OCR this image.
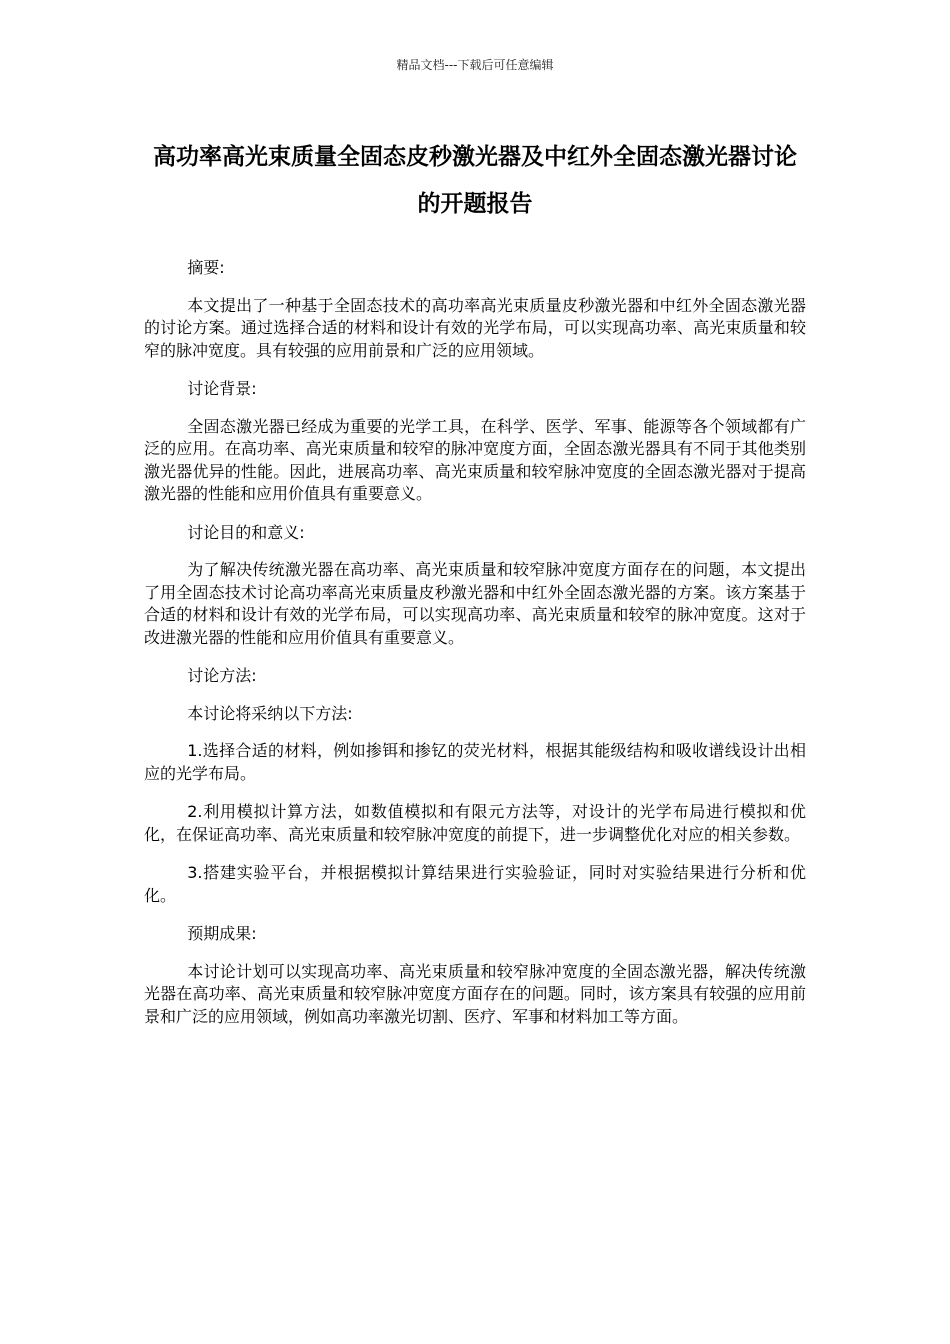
精品文档---下载后可任意编辑
高功率高光束质量全固态皮秒激光器及中红外全固态激光器讨论的开题报告

摘要:

本文提出了一种基于全固态技术的高功率高光束质量皮秒激光器和中红外全固态激光器的讨论方案。通过选择合适的材料和设计有效的光学布局，可以实现高功率、高光束质量和较窄的脉冲宽度。具有较强的应用前景和广泛的应用领域。

讨论背景:

全固态激光器已经成为重要的光学工具，在科学、医学、军事、能源等各个领域都有广泛的应用。在高功率、高光束质量和较窄的脉冲宽度方面，全固态激光器具有不同于其他类别激光器优异的性能。因此，进展高功率、高光束质量和较窄脉冲宽度的全固态激光器对于提高激光器的性能和应用价值具有重要意义。

讨论目的和意义:

为了解决传统激光器在高功率、高光束质量和较窄脉冲宽度方面存在的问题，本文提出了用全固态技术讨论高功率高光束质量皮秒激光器和中红外全固态激光器的方案。该方案基于合适的材料和设计有效的光学布局，可以实现高功率、高光束质量和较窄的脉冲宽度。这对于改进激光器的性能和应用价值具有重要意义。

讨论方法:

本讨论将采纳以下方法:

1.选择合适的材料，例如掺铒和掺钇的荧光材料，根据其能级结构和吸收谱线设计出相应的光学布局。

2.利用模拟计算方法，如数值模拟和有限元方法等，对设计的光学布局进行模拟和优化，在保证高功率、高光束质量和较窄脉冲宽度的前提下，进一步调整优化对应的相关参数。

3.搭建实验平台，并根据模拟计算结果进行实验验证，同时对实验结果进行分析和优化。

预期成果:

本讨论计划可以实现高功率、高光束质量和较窄脉冲宽度的全固态激光器，解决传统激光器在高功率、高光束质量和较窄脉冲宽度方面存在的问题。同时，该方案具有较强的应用前景和广泛的应用领域，例如高功率激光切割、医疗、军事和材料加工等方面。
